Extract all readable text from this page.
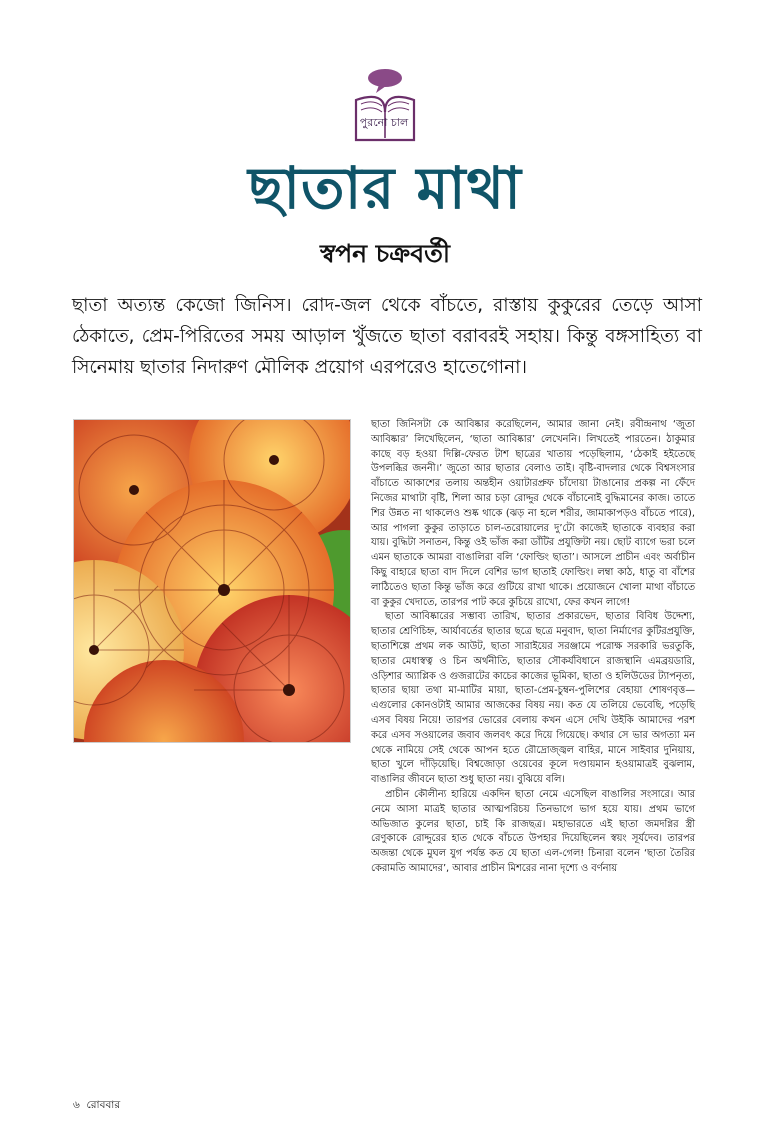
পুরনো চাল
ছাতার মাথা
স্বপন চক্রবর্তী
ছাতা অত্যন্ত কেজো জিনিস। রোদ-জল থেকে বাঁচতে, রাস্তায় কুকুরের তেড়ে আসা ঠেকাতে, প্রেম-পিরিতের সময় আড়াল খুঁজতে ছাতা বরাবরই সহায়। কিন্তু বঙ্গসাহিত্য বা সিনেমায় ছাতার নিদারুণ মৌলিক প্রয়োগ এরপরেও হাতেগোনা।

ছাতা জিনিসটা কে আবিষ্কার করেছিলেন, আমার জানা নেই। রবীন্দ্রনাথ ‘জুতা আবিষ্কার’ লিখেছিলেন, ‘ছাতা আবিষ্কার’ লেখেননি। লিখতেই পারতেন। ঠাকুমার কাছে বড় হওয়া দিল্লি-ফেরত টাশ ছাত্রের খাতায় পড়েছিলাম, ‘ঠেকাই হইতেছে উপলব্ধির জননী।’ জুতো আর ছাতার বেলাও তাই। বৃষ্টি-বাদলার থেকে বিশ্বসংসার বাঁচাতে আকাশের তলায় অন্তহীন ওয়াটারপ্রুফ চাঁদোয়া টাঙানোর প্রকল্প না ফেঁদে নিজের মাথাটা বৃষ্টি, শিলা আর চড়া রোদ্দুর থেকে বাঁচানোই বুদ্ধিমানের কাজ। তাতে শির উন্নত না থাকলেও শুষ্ক থাকে (ঝড় না হলে শরীর, জামাকাপড়ও বাঁচতে পারে), আর পাগলা কুকুর তাড়াতে চাল-তরোয়ালের দু’টো কাজেই ছাতাকে ব্যবহার করা যায়। বুদ্ধিটা সনাতন, কিন্তু ওই ভাঁজ করা ডাঁটির প্রযুক্তিটা নয়। ছোট ব্যাগে ভরা চলে এমন ছাতাকে আমরা বাঙালিরা বলি ‘ফোল্ডিং ছাতা’। আসলে প্রাচীন এবং অর্বাচীন কিছু বাহারে ছাতা বাদ দিলে বেশির ভাগ ছাতাই ফোল্ডিং। লম্বা কাঠ, ধাতু বা বাঁশের লাঠিতেও ছাতা কিন্তু ভাঁজ করে গুটিয়ে রাখা থাকে। প্রয়োজনে খোলা মাথা বাঁচাতে বা কুকুর খেদাতে, তারপর পাট করে কুচিয়ে রাখো, ফের কখন লাগে!

ছাতা আবিষ্কারের সম্ভাব্য তারিখ, ছাতার প্রকারভেদ, ছাতার বিবিধ উদ্দেশ্য, ছাতার শ্রেণিচিহ্ন, আর্যাবর্তের ছাতার ছত্রে ছত্রে মনুবাদ, ছাতা নির্মাণের কুটিরপ্রযুক্তি, ছাতাশিল্পে প্রথম লক আউট, ছাতা সারাইয়ের সরঞ্জামে পরোক্ষ সরকারি ভরতুকি, ছাতার মেধাস্বত্ব ও চিন অর্থনীতি, ছাতার সৌকর্যবিধানে রাজস্থানি এমব্রয়ডারি, ওড়িশার অ্যাপ্লিক ও গুজরাটের কাচের কাজের ভূমিকা, ছাতা ও হলিউডের ট্যাপনৃত্য, ছাতার ছায়া তথা মা-মাটির মায়া, ছাতা-প্রেম-চুম্বন-পুলিশের বেহায়া শোষণবৃত্ত— এগুলোর কোনওটাই আমার আজকের বিষয় নয়। কত যে তলিয়ে ভেবেছি, পড়েছি এসব বিষয় নিয়ে! তারপর ভোরের বেলায় কখন এসে দেখি উইকি আমাদের পরশ করে এসব সওয়ালের জবাব জলবৎ করে দিয়ে গিয়েছে। কথার সে ভার অগত্যা মন থেকে নামিয়ে সেই থেকে আপন হতে রৌদ্রোজ্জ্বল বাহির, মানে সাইবার দুনিয়ায়, ছাতা খুলে দাঁড়িয়েছি। বিশ্বজোড়া ওয়েবের কূলে দণ্ডায়মান হওয়ামাত্রই বুঝলাম, বাঙালির জীবনে ছাতা শুধু ছাতা নয়। বুঝিয়ে বলি।

প্রাচীন কৌলীন্য হারিয়ে একদিন ছাতা নেমে এসেছিল বাঙালির সংসারে। আর নেমে আসা মাত্রই ছাতার আত্মপরিচয় তিনভাগে ভাগ হয়ে যায়। প্রথম ভাগে অভিজাত কুলের ছাতা, চাই কি রাজছত্র। মহাভারতে এই ছাতা জমদগ্নির স্ত্রী রেণুকাকে রোদ্দুরের হাত থেকে বাঁচতে উপহার দিয়েছিলেন স্বয়ং সূর্যদেব। তারপর অজন্তা থেকে মুঘল যুগ পর্যন্ত কত যে ছাতা এল-গেল! চিনারা বলেন ‘ছাতা তৈরির কেরামতি আমাদের’, আবার প্রাচীন মিশরের নানা দৃশ্যে ও বর্ণনায়

৬ রোববার
